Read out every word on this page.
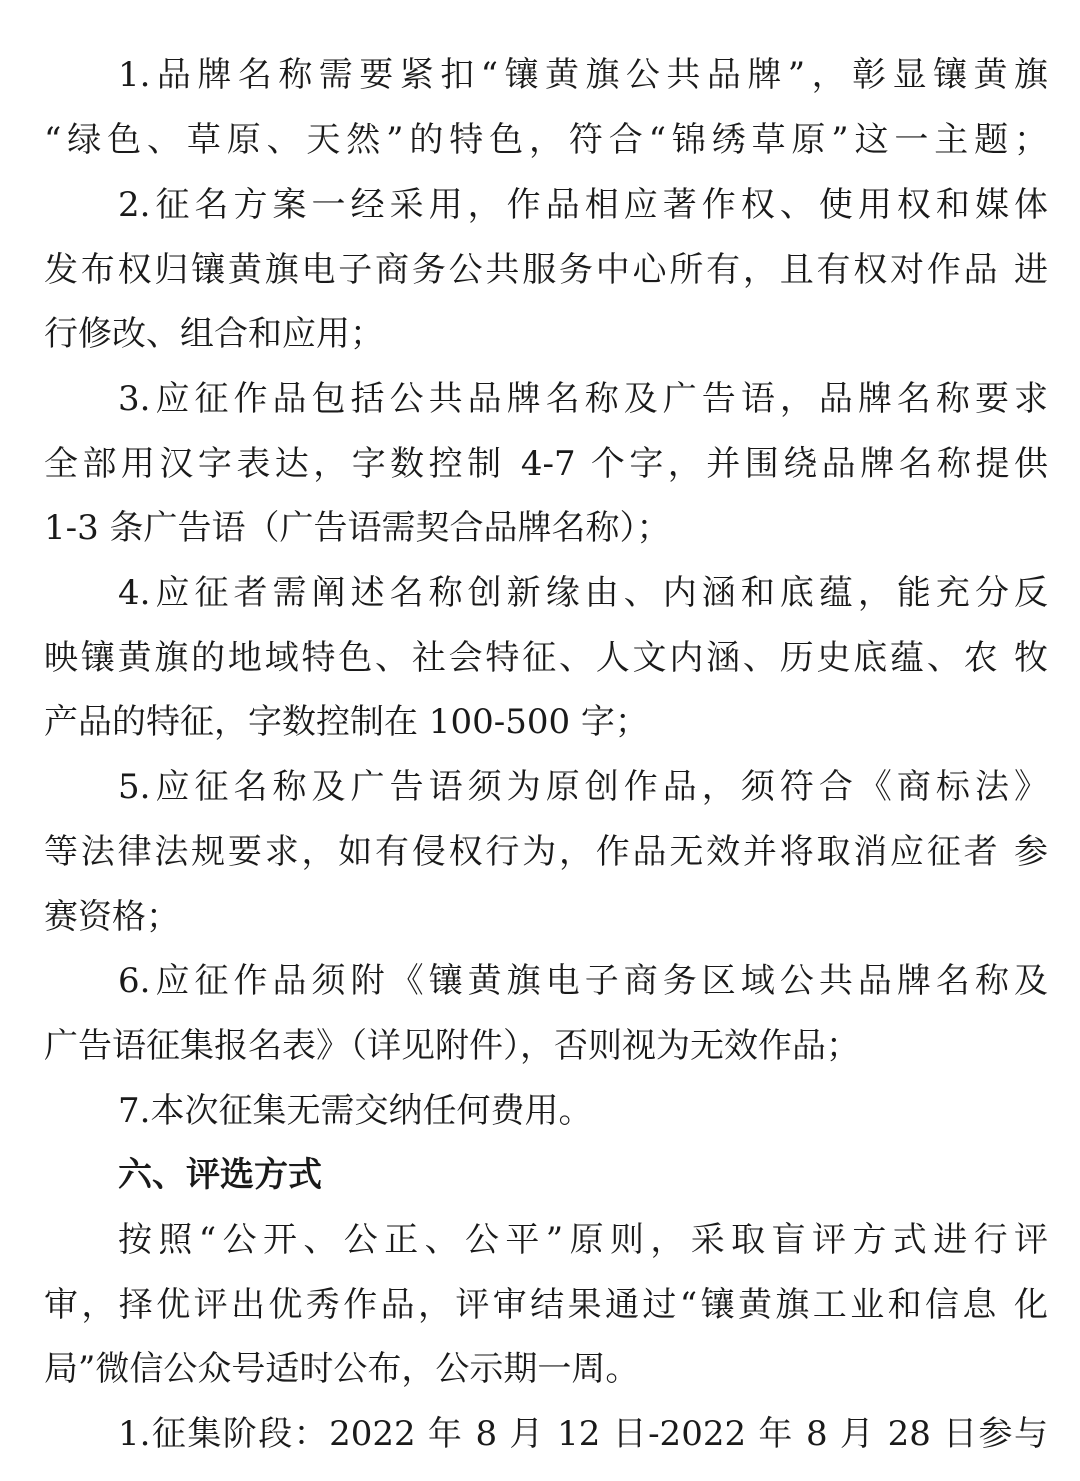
1.品牌名称需要紧扣“镶黄旗公共品牌”，彰显镶黄旗
“绿色、草原、天然”的特色，符合“锦绣草原”这一主题；
2.征名方案一经采用，作品相应著作权、使用权和媒体
发布权归镶黄旗电子商务公共服务中心所有，且有权对作品 进
行修改、组合和应用；
3.应征作品包括公共品牌名称及广告语，品牌名称要求
全部用汉字表达，字数控制 4-7 个字，并围绕品牌名称提供
1-3 条广告语（广告语需契合品牌名称）；
4.应征者需阐述名称创新缘由、内涵和底蕴，能充分反
映镶黄旗的地域特色、社会特征、人文内涵、历史底蕴、农 牧
产品的特征，字数控制在 100-500 字；
5.应征名称及广告语须为原创作品，须符合《商标法》
等法律法规要求，如有侵权行为，作品无效并将取消应征者 参
赛资格；
6.应征作品须附《镶黄旗电子商务区域公共品牌名称及
广告语征集报名表》（详见附件），否则视为无效作品；
7.本次征集无需交纳任何费用。
六、评选方式
按照“公开、公正、公平”原则，采取盲评方式进行评
审，择优评出优秀作品，评审结果通过“镶黄旗工业和信息 化
局”微信公众号适时公布，公示期一周。
1.征集阶段：2022 年 8 月 12 日-2022 年 8 月 28 日参与
